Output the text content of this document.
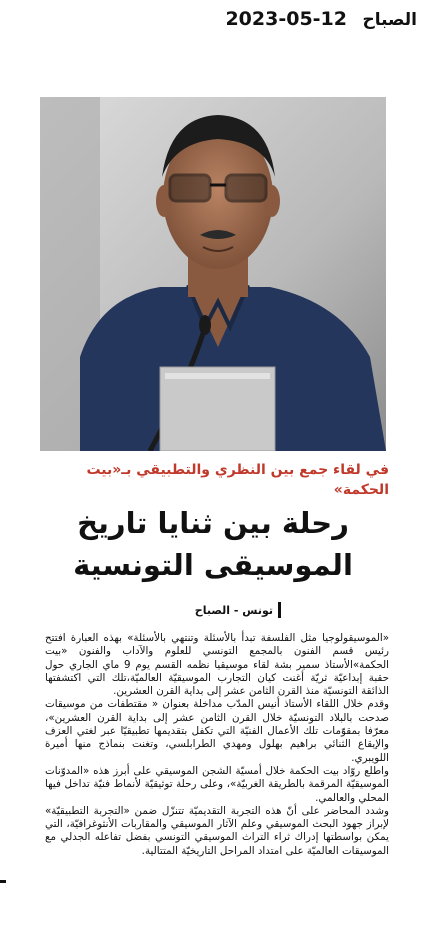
الصباح
2023-05-12
في لقاء جمع بين النظري والتطبيقي بـ«بيت الحكمة»
رحلة بين ثنايا تاريخ
الموسيقى التونسية
تونس - الصباح

«الموسيقولوجيا مثل الفلسفة تبدأ بالأسئلة وتنتهي بالأسئلة» بهذه العبارة افتتح رئيس قسم الفنون بالمجمع التونسي للعلوم والآداب والفنون «بيت الحكمة»الأستاذ سمير بشة لقاء موسيقيا نظمه القسم يوم 9 ماي الجاري حول حقبة إبداعيّة ثريّة أغنت كيان التجارب الموسيقيّة العالميّة،تلك التي اكتشفتها الذائقة التونسيّة منذ القرن الثامن عشر إلى بداية القرن العشرين.

وقدم خلال اللقاء الأستاذ أنيس المدّب مداخلة بعنوان « مقتطفات من موسيقات صدحت بالبلاد التونسيّة خلال القرن الثامن عشر إلى بداية القرن العشرين»، معرّفا بمقوّمات تلك الأعمال الفنيّة التي تكفل بتقديمها تطبيقيّا عبر لغتي العزف والإيقاع الثنائي براهيم بهلول ومهدي الطرابلسي، وتغنت بنماذج منها أميرة اللويبري.

واطلع روّاد بيت الحكمة خلال أمسيّة الشجن الموسيقي على أبرز هذه «المدوّنات الموسيقيّة المرقمة بالطريقة الغربيّة»، وعلى رحلة توثيقيّة لأنماط فنيّة تداخل فيها المحلي والعالمي.

وشدد المحاضر على أنّ هذه التجربة التقديميّة تتنزّل ضمن «التجربة التطبيقيّة» لإبراز جهود البحث الموسيقي وعلم الآثار الموسيقي والمقاربات الأنثوغرافيّة، التي يمكن بواسطتها إدراك ثراء التراث الموسيقي التونسي بفضل تفاعله الجدلي مع الموسيقات العالميّة على امتداد المراحل التاريخيّة المتتالية.
